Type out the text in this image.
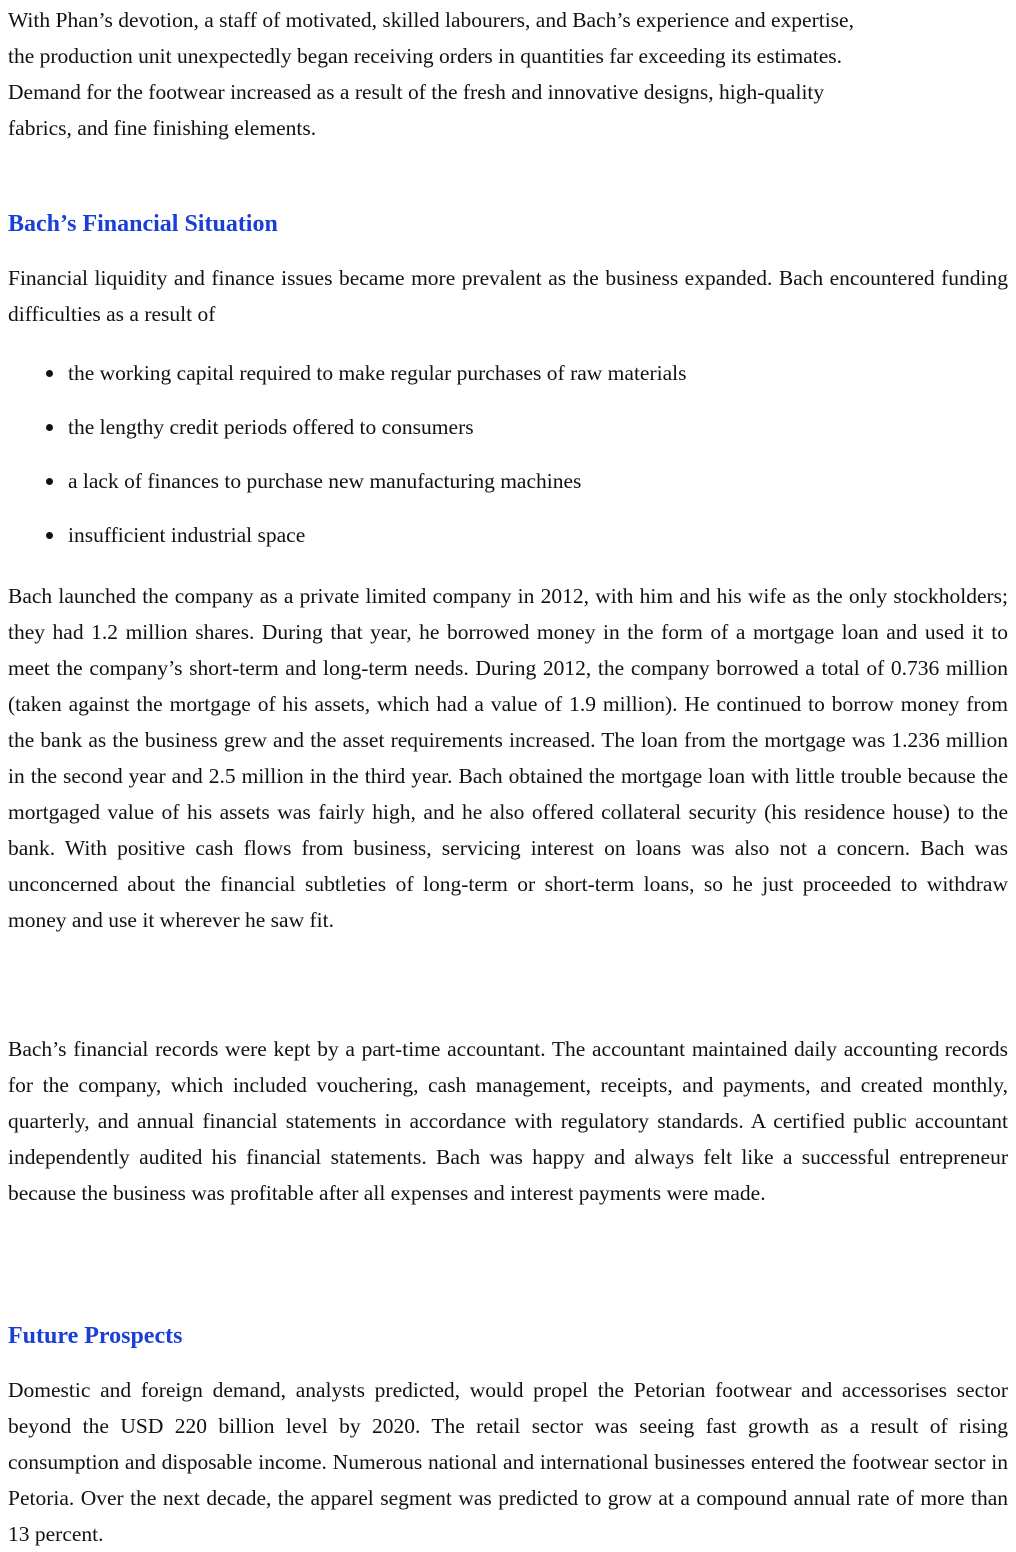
With Phan’s devotion, a staff of motivated, skilled labourers, and Bach’s experience and expertise,

the production unit unexpectedly began receiving orders in quantities far exceeding its estimates.

Demand for the footwear increased as a result of the fresh and innovative designs, high-quality

fabrics, and fine finishing elements.

Bach’s Financial Situation

Financial liquidity and finance issues became more prevalent as the business expanded. Bach encountered funding difficulties as a result of

the working capital required to make regular purchases of raw materials
the lengthy credit periods offered to consumers
a lack of finances to purchase new manufacturing machines
insufficient industrial space

Bach launched the company as a private limited company in 2012, with him and his wife as the only stockholders; they had 1.2 million shares. During that year, he borrowed money in the form of a mortgage loan and used it to meet the company’s short-term and long-term needs. During 2012, the company borrowed a total of 0.736 million (taken against the mortgage of his assets, which had a value of 1.9 million). He continued to borrow money from the bank as the business grew and the asset requirements increased. The loan from the mortgage was 1.236 million in the second year and 2.5 million in the third year. Bach obtained the mortgage loan with little trouble because the mortgaged value of his assets was fairly high, and he also offered collateral security (his residence house) to the bank. With positive cash flows from business, servicing interest on loans was also not a concern. Bach was unconcerned about the financial subtleties of long-term or short-term loans, so he just proceeded to withdraw money and use it wherever he saw fit.

Bach’s financial records were kept by a part-time accountant. The accountant maintained daily accounting records for the company, which included vouchering, cash management, receipts, and payments, and created monthly, quarterly, and annual financial statements in accordance with regulatory standards. A certified public accountant independently audited his financial statements. Bach was happy and always felt like a successful entrepreneur because the business was profitable after all expenses and interest payments were made.

Future Prospects

Domestic and foreign demand, analysts predicted, would propel the Petorian footwear and accessorises sector beyond the USD 220 billion level by 2020. The retail sector was seeing fast growth as a result of rising consumption and disposable income. Numerous national and international businesses entered the footwear sector in Petoria. Over the next decade, the apparel segment was predicted to grow at a compound annual rate of more than 13 percent.
